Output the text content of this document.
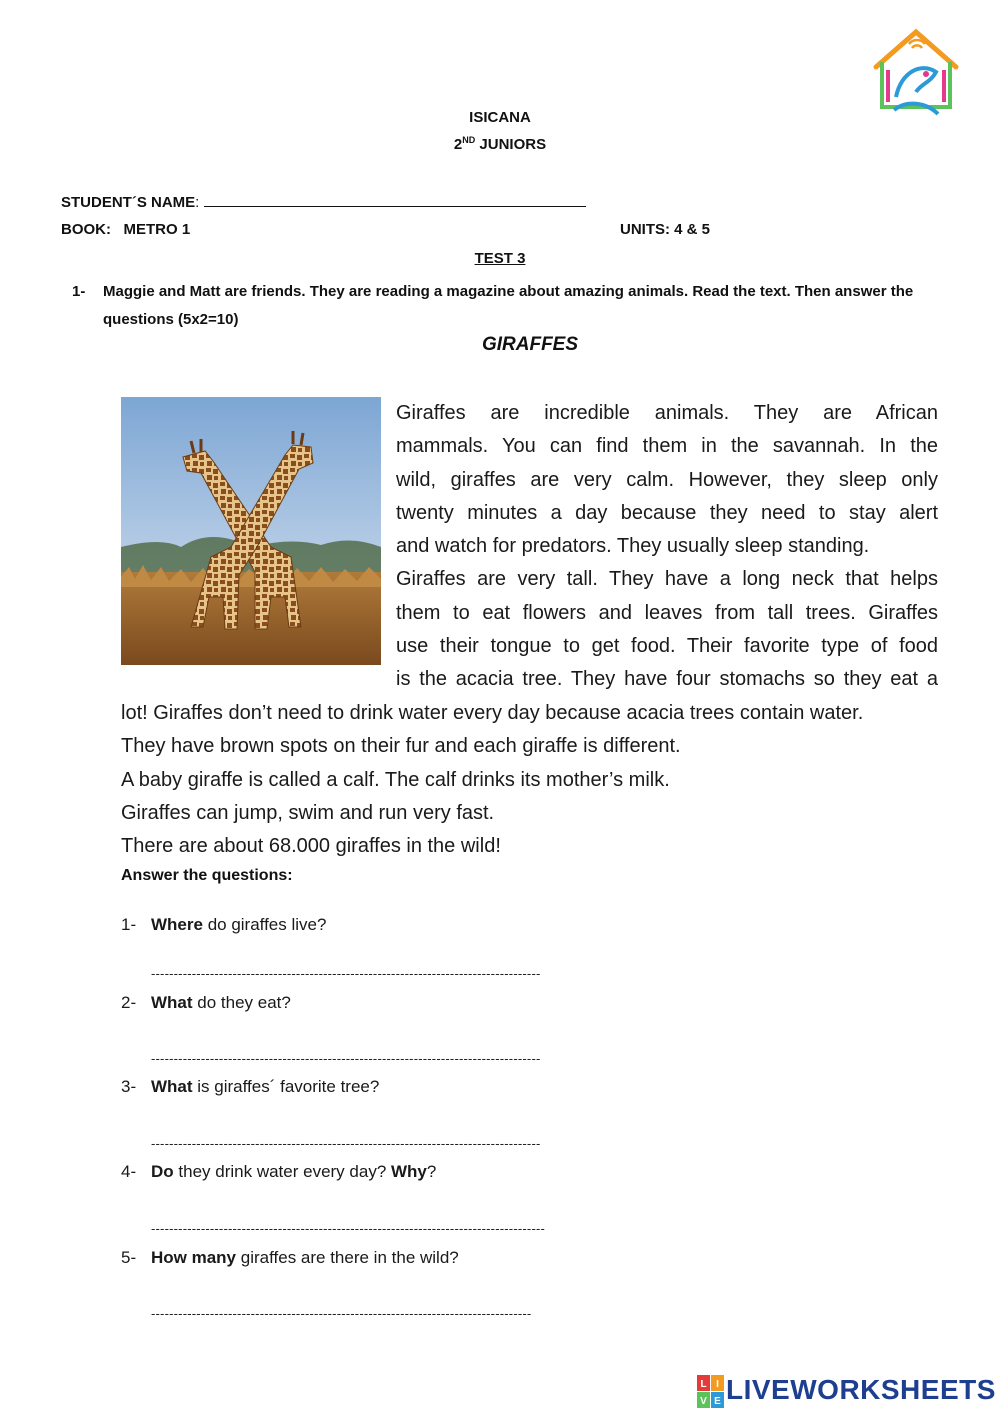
ISICANA
2ND JUNIORS
STUDENT´S NAME:
BOOK:   METRO 1	UNITS: 4 & 5
TEST 3
1- Maggie and Matt are friends. They are reading a magazine about amazing animals. Read the text. Then answer the questions (5x2=10)
GIRAFFES
Giraffes are incredible animals. They are African
mammals. You can find them in the savannah. In the
wild, giraffes are very calm. However, they sleep only
twenty minutes a day because they need to stay alert
and watch for predators. They usually sleep standing.
Giraffes are very tall. They have a long neck that helps
them to eat flowers and leaves from tall trees. Giraffes
use their tongue to get food. Their favorite type of food
is the acacia tree. They have four stomachs so they eat a
lot! Giraffes don’t need to drink water every day because acacia trees contain water.
They have brown spots on their fur and each giraffe is different.
A baby giraffe is called a calf. The calf drinks its mother’s milk.
Giraffes can jump, swim and run very fast.
There are about 68.000 giraffes in the wild!
Answer the questions:
1- Where do giraffes live?
--------------------------------------------------------------------------------------
2- What do they eat?
--------------------------------------------------------------------------------------
3- What is giraffes´ favorite tree?
--------------------------------------------------------------------------------------
4- Do they drink water every day? Why?
---------------------------------------------------------------------------------------
5- How many giraffes are there in the wild?
------------------------------------------------------------------------------------
L I
V E LIVEWORKSHEETS
